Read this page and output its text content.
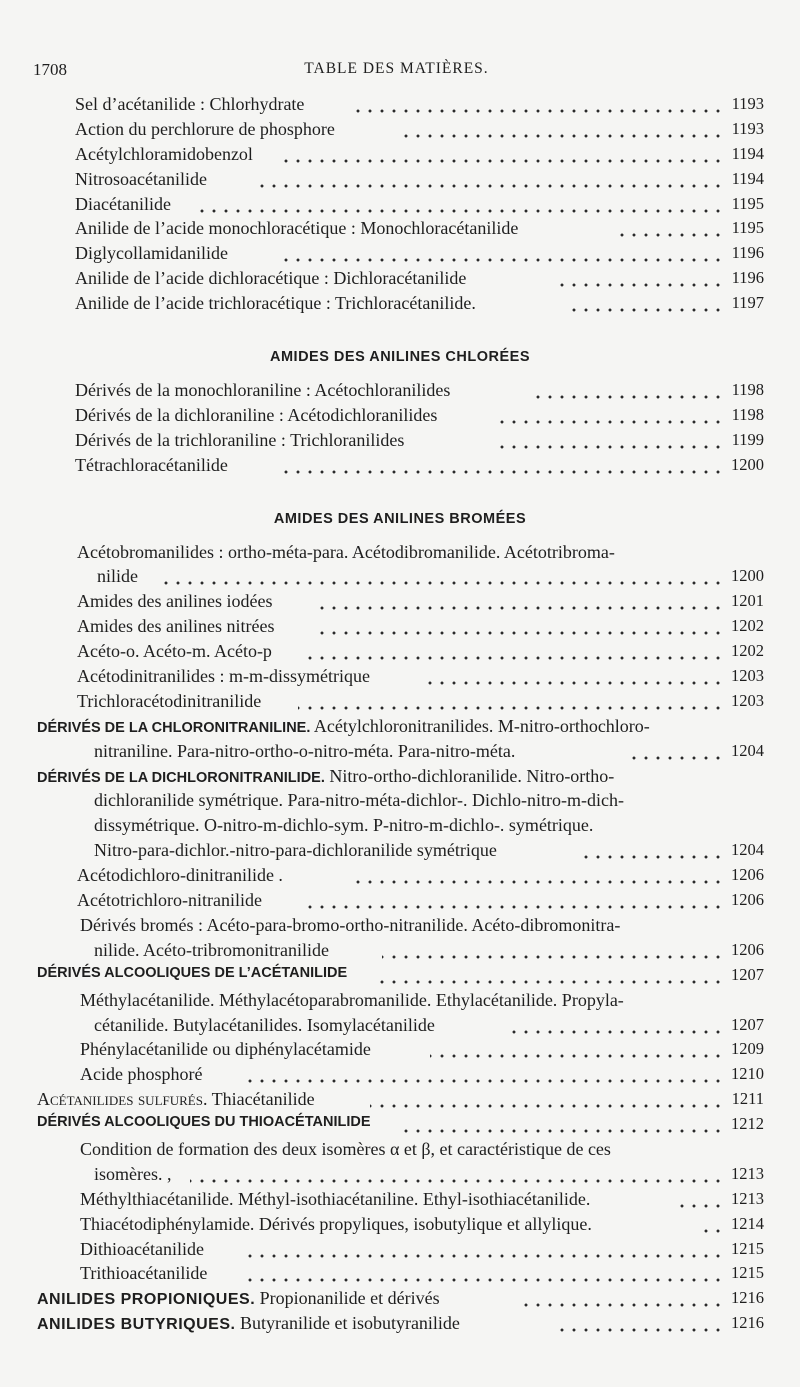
1708	TABLE DES MATIÈRES.
Sel d’acétanilide : Chlorhydrate	1193
Action du perchlorure de phosphore	1193
Acétylchloramidobenzol	1194
Nitrosoacétanilide	1194
Diacétanilide	1195
Anilide de l’acide monochloracétique : Monochloracétanilide	1195
Diglycollamidanilide	1196
Anilide de l’acide dichloracétique : Dichloracétanilide	1196
Anilide de l’acide trichloracétique : Trichloracétanilide.	1197
AMIDES DES ANILINES CHLORÉES
Dérivés de la monochloraniline : Acétochloranilides	1198
Dérivés de la dichloraniline : Acétodichloranilides	1198
Dérivés de la trichloraniline : Trichloranilides	1199
Tétrachloracétanilide	1200
AMIDES DES ANILINES BROMÉES
Acétobromanilides : ortho-méta-para. Acétodibromanilide. Acétotribroma-
nilide	1200
Amides des anilines iodées	1201
Amides des anilines nitrées	1202
Acéto-o. Acéto-m. Acéto-p	1202
Acétodinitranilides : m-m-dissymétrique	1203
Trichloracétodinitranilide	1203
DÉRIVÉS DE LA CHLORONITRANILINE. Acétylchloronitranilides. M-nitro-orthochloro-
nitraniline. Para-nitro-ortho-o-nitro-méta. Para-nitro-méta.	1204
DÉRIVÉS DE LA DICHLORONITRANILIDE. Nitro-ortho-dichloranilide. Nitro-ortho-
dichloranilide symétrique. Para-nitro-méta-dichlor-. Dichlo-nitro-m-dich-
dissymétrique. O-nitro-m-dichlo-sym. P-nitro-m-dichlo-. symétrique.
Nitro-para-dichlor.-nitro-para-dichloranilide symétrique	1204
Acétodichloro-dinitranilide .	1206
Acétotrichloro-nitranilide	1206
Dérivés bromés : Acéto-para-bromo-ortho-nitranilide. Acéto-dibromonitra-
nilide. Acéto-tribromonitranilide	1206
DÉRIVÉS ALCOOLIQUES DE L’ACÉTANILIDE	1207
Méthylacétanilide. Méthylacétoparabromanilide. Ethylacétanilide. Propyla-
cétanilide. Butylacétanilides. Isomylacétanilide	1207
Phénylacétanilide ou diphénylacétamide	1209
Acide phosphoré	1210
Acétanilides sulfurés. Thiacétanilide	1211
DÉRIVÉS ALCOOLIQUES DU THIOACÉTANILIDE	1212
Condition de formation des deux isomères α et β, et caractéristique de ces
isomères. ,	1213
Méthylthiacétanilide. Méthyl-isothiacétaniline. Ethyl-isothiacétanilide.	1213
Thiacétodiphénylamide. Dérivés propyliques, isobutylique et allylique.	1214
Dithioacétanilide	1215
Trithioacétanilide	1215
ANILIDES PROPIONIQUES. Propionanilide et dérivés	1216
ANILIDES BUTYRIQUES. Butyranilide et isobutyranilide	1216
